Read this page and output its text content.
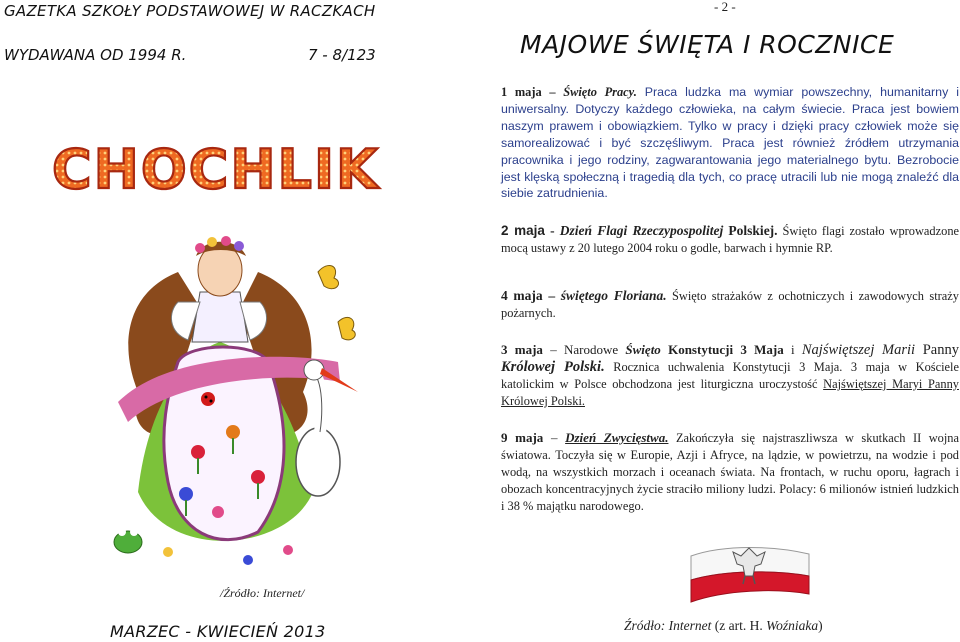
GAZETKA SZKOŁY PODSTAWOWEJ W RACZKACH
WYDAWANA OD 1994 R.	7 - 8/123
CHOCHLIK
/Źródło: Internet/
MARZEC - KWIECIEŃ 2013
- 2 -
MAJOWE ŚWIĘTA I ROCZNICE
1 maja – Święto Pracy. Praca ludzka ma wymiar powszechny, humanitarny i uniwersalny. Dotyczy każdego człowieka, na całym świecie. Praca jest bowiem naszym prawem i obowiązkiem. Tylko w pracy i dzięki pracy człowiek może się samorealizować i być szczęśliwym. Praca jest również źródłem utrzymania pracownika i jego rodziny, zagwarantowania jego materialnego bytu. Bezrobocie jest klęską społeczną i tragedią dla tych, co pracę utracili lub nie mogą znaleźć dla siebie zatrudnienia.
2 maja - Dzień Flagi Rzeczypospolitej Polskiej. Święto flagi zostało wprowadzone mocą ustawy z 20 lutego 2004 roku o godle, barwach i hymnie RP.
4 maja – świętego Floriana. Święto strażaków z ochotniczych i zawodowych straży pożarnych.
3 maja – Narodowe Święto Konstytucji 3 Maja i Najświętszej Marii Panny Królowej Polski. Rocznica uchwalenia Konstytucji 3 Maja. 3 maja w Kościele katolickim w Polsce obchodzona jest liturgiczna uroczystość Najświętszej Maryi Panny Królowej Polski.
9 maja – Dzień Zwycięstwa. Zakończyła się najstraszliwsza w skutkach II wojna światowa. Toczyła się w Europie, Azji i Afryce, na lądzie, w powietrzu, na wodzie i pod wodą, na wszystkich morzach i oceanach świata. Na frontach, w ruchu oporu, łagrach i obozach koncentracyjnych życie straciło miliony ludzi. Polacy: 6 milionów istnień ludzkich i 38 % majątku narodowego.
Źródło: Internet (z art. H. Woźniaka)
